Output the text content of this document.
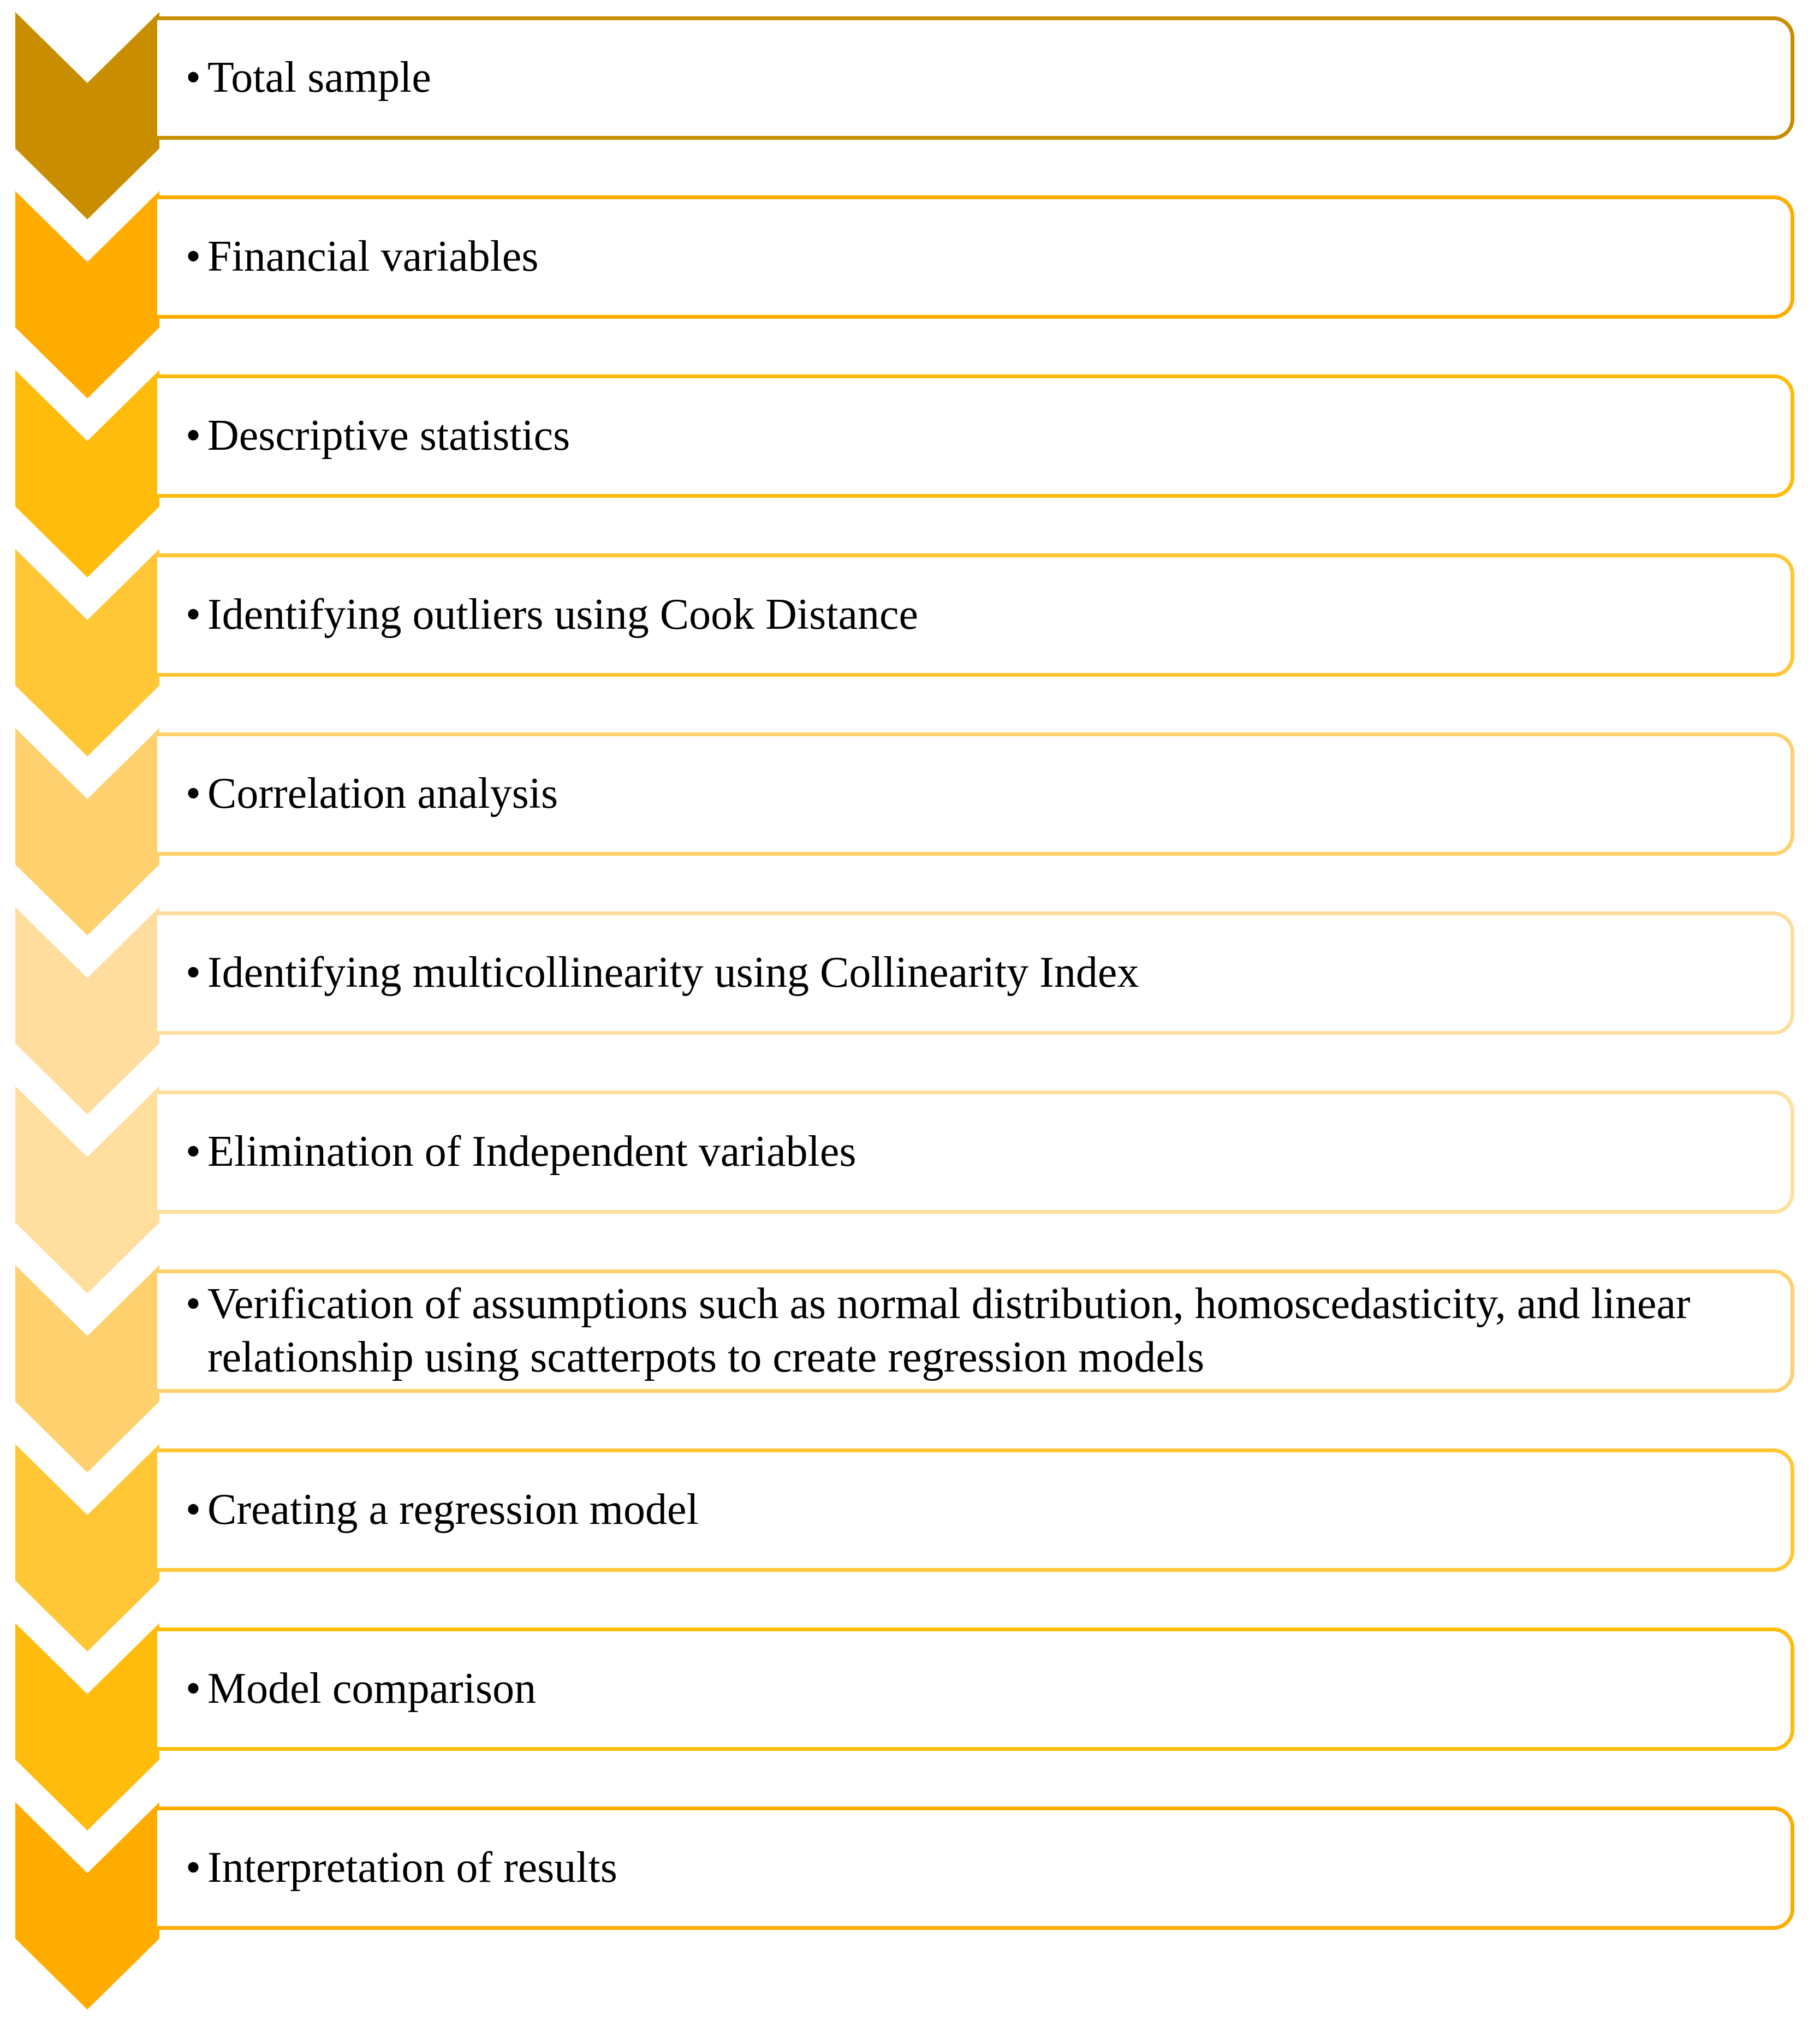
• Total sample
• Financial variables
• Descriptive statistics
• Identifying outliers using Cook Distance
• Correlation analysis
• Identifying multicollinearity using Collinearity Index
• Elimination of Independent variables
• Verification of assumptions such as normal distribution, homoscedasticity, and linear relationship using scatterpots to create regression models
• Creating a regression model
• Model comparison
• Interpretation of results
